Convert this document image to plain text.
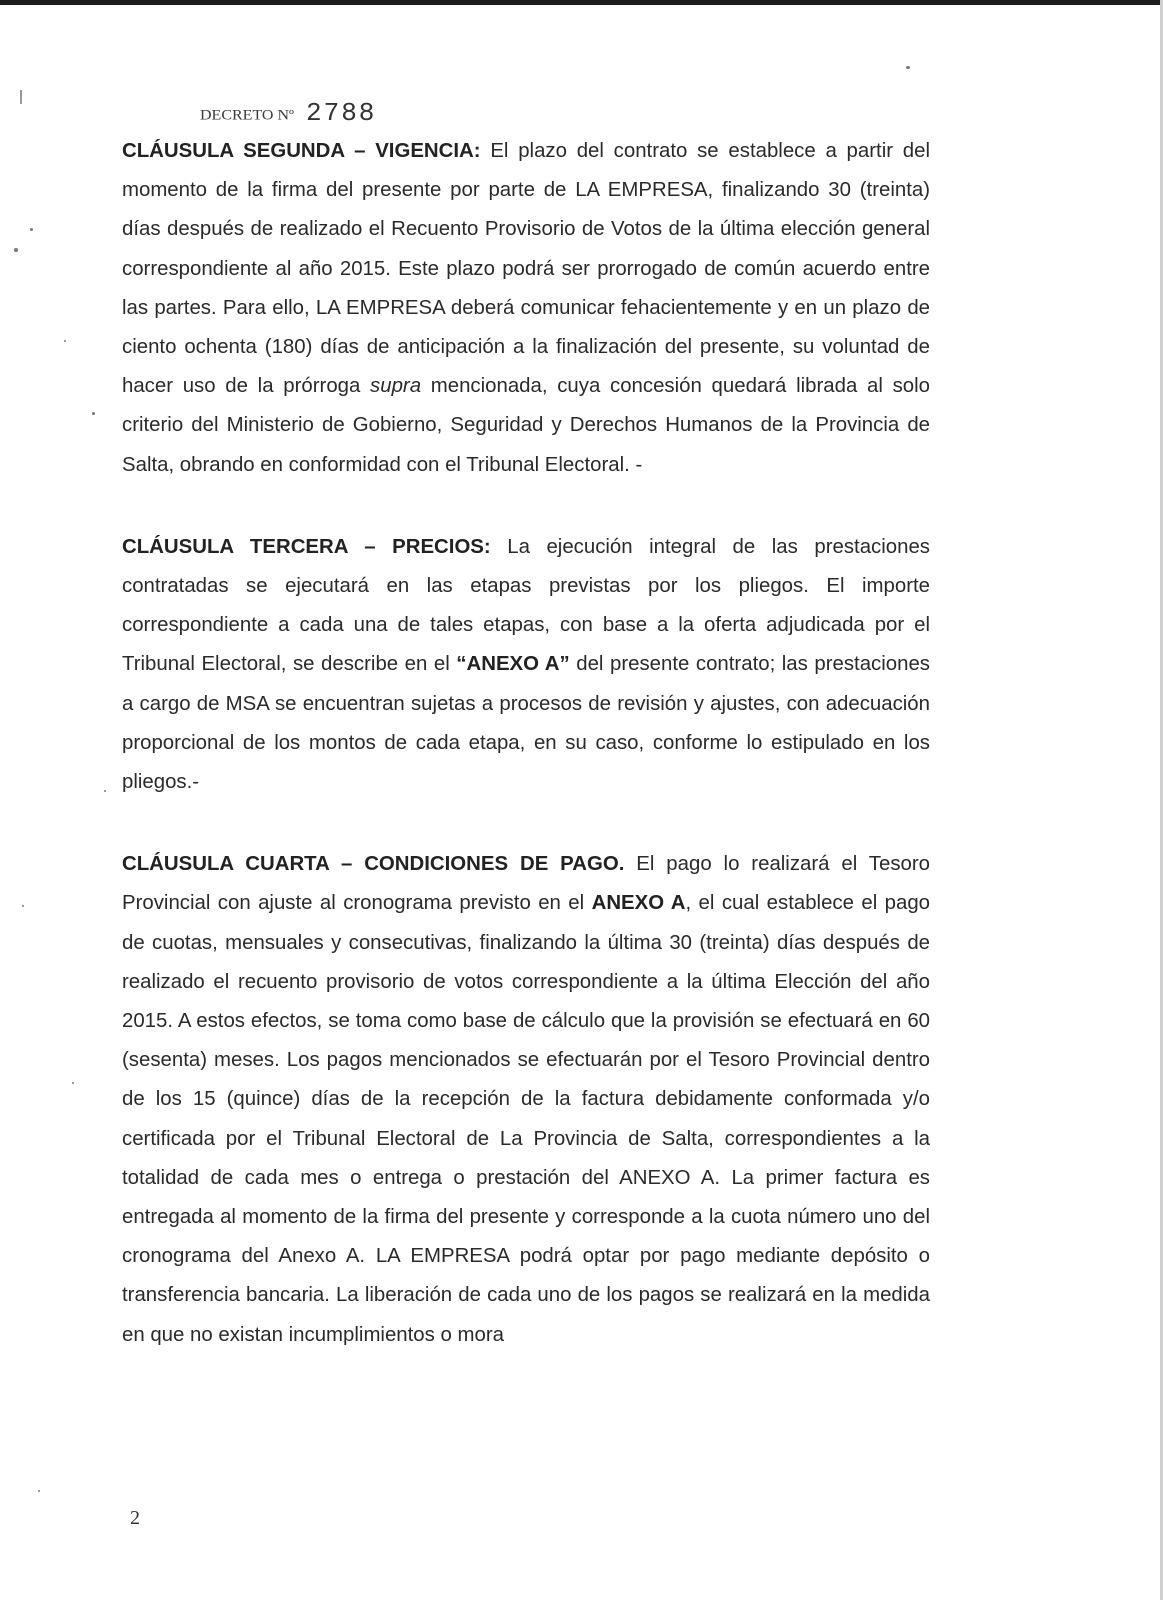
DECRETO Nº 2788

CLÁUSULA SEGUNDA – VIGENCIA: El plazo del contrato se establece a partir del momento de la firma del presente por parte de LA EMPRESA, finalizando 30 (treinta) días después de realizado el Recuento Provisorio de Votos de la última elección general correspondiente al año 2015. Este plazo podrá ser prorrogado de común acuerdo entre las partes. Para ello, LA EMPRESA deberá comunicar fehacientemente y en un plazo de ciento ochenta (180) días de anticipación a la finalización del presente, su voluntad de hacer uso de la prórroga supra mencionada, cuya concesión quedará librada al solo criterio del Ministerio de Gobierno, Seguridad y Derechos Humanos de la Provincia de Salta, obrando en conformidad con el Tribunal Electoral. -

CLÁUSULA TERCERA – PRECIOS: La ejecución integral de las prestaciones contratadas se ejecutará en las etapas previstas por los pliegos. El importe correspondiente a cada una de tales etapas, con base a la oferta adjudicada por el Tribunal Electoral, se describe en el “ANEXO A” del presente contrato; las prestaciones a cargo de MSA se encuentran sujetas a procesos de revisión y ajustes, con adecuación proporcional de los montos de cada etapa, en su caso, conforme lo estipulado en los pliegos.-

CLÁUSULA CUARTA – CONDICIONES DE PAGO. El pago lo realizará el Tesoro Provincial con ajuste al cronograma previsto en el ANEXO A, el cual establece el pago de cuotas, mensuales y consecutivas, finalizando la última 30 (treinta) días después de realizado el recuento provisorio de votos correspondiente a la última Elección del año 2015. A estos efectos, se toma como base de cálculo que la provisión se efectuará en 60 (sesenta) meses. Los pagos mencionados se efectuarán por el Tesoro Provincial dentro de los 15 (quince) días de la recepción de la factura debidamente conformada y/o certificada por el Tribunal Electoral de La Provincia de Salta, correspondientes a la totalidad de cada mes o entrega o prestación del ANEXO A. La primer factura es entregada al momento de la firma del presente y corresponde a la cuota número uno del cronograma del Anexo A. LA EMPRESA podrá optar por pago mediante depósito o transferencia bancaria. La liberación de cada uno de los pagos se realizará en la medida en que no existan incumplimientos o mora

2
